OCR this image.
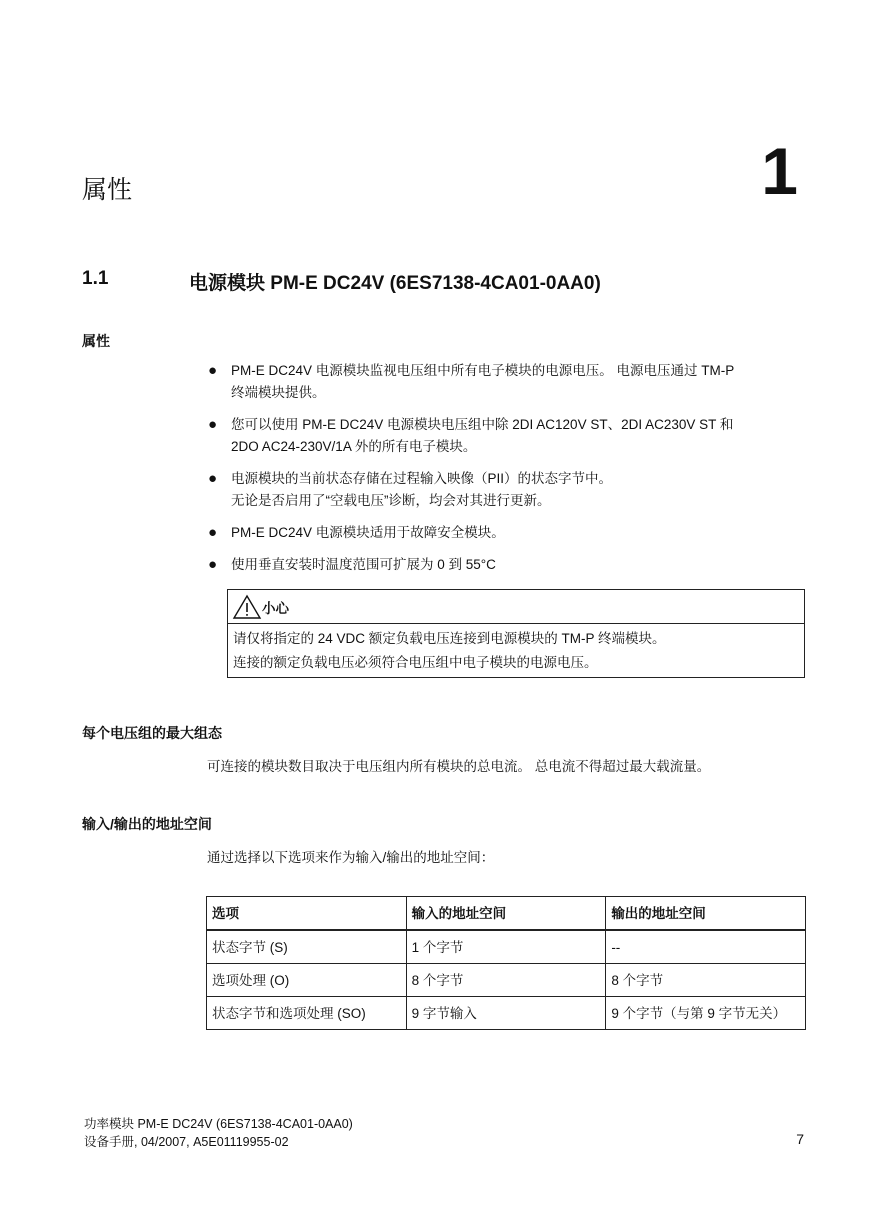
属性	1
1.1	电源模块 PM-E DC24V (6ES7138-4CA01-0AA0)
属性
● PM-E DC24V 电源模块监视电压组中所有电子模块的电源电压。 电源电压通过 TM-P
终端模块提供。
● 您可以使用 PM-E DC24V 电源模块电压组中除 2DI AC120V ST、2DI AC230V ST 和
2DO AC24-230V/1A 外的所有电子模块。
● 电源模块的当前状态存储在过程输入映像（PII）的状态字节中。
无论是否启用了“空载电压”诊断，均会对其进行更新。
● PM-E DC24V 电源模块适用于故障安全模块。
● 使用垂直安装时温度范围可扩展为 0 到 55°C
小心
请仅将指定的 24 VDC 额定负载电压连接到电源模块的 TM-P 终端模块。
连接的额定负载电压必须符合电压组中电子模块的电源电压。
每个电压组的最大组态
可连接的模块数目取决于电压组内所有模块的总电流。 总电流不得超过最大载流量。
输入/输出的地址空间
通过选择以下选项来作为输入/输出的地址空间：
选项	输入的地址空间	输出的地址空间
状态字节 (S)	1 个字节	--
选项处理 (O)	8 个字节	8 个字节
状态字节和选项处理 (SO)	9 字节输入	9 个字节（与第 9 字节无关）
功率模块 PM-E DC24V (6ES7138-4CA01-0AA0)
设备手册, 04/2007, A5E01119955-02	7
